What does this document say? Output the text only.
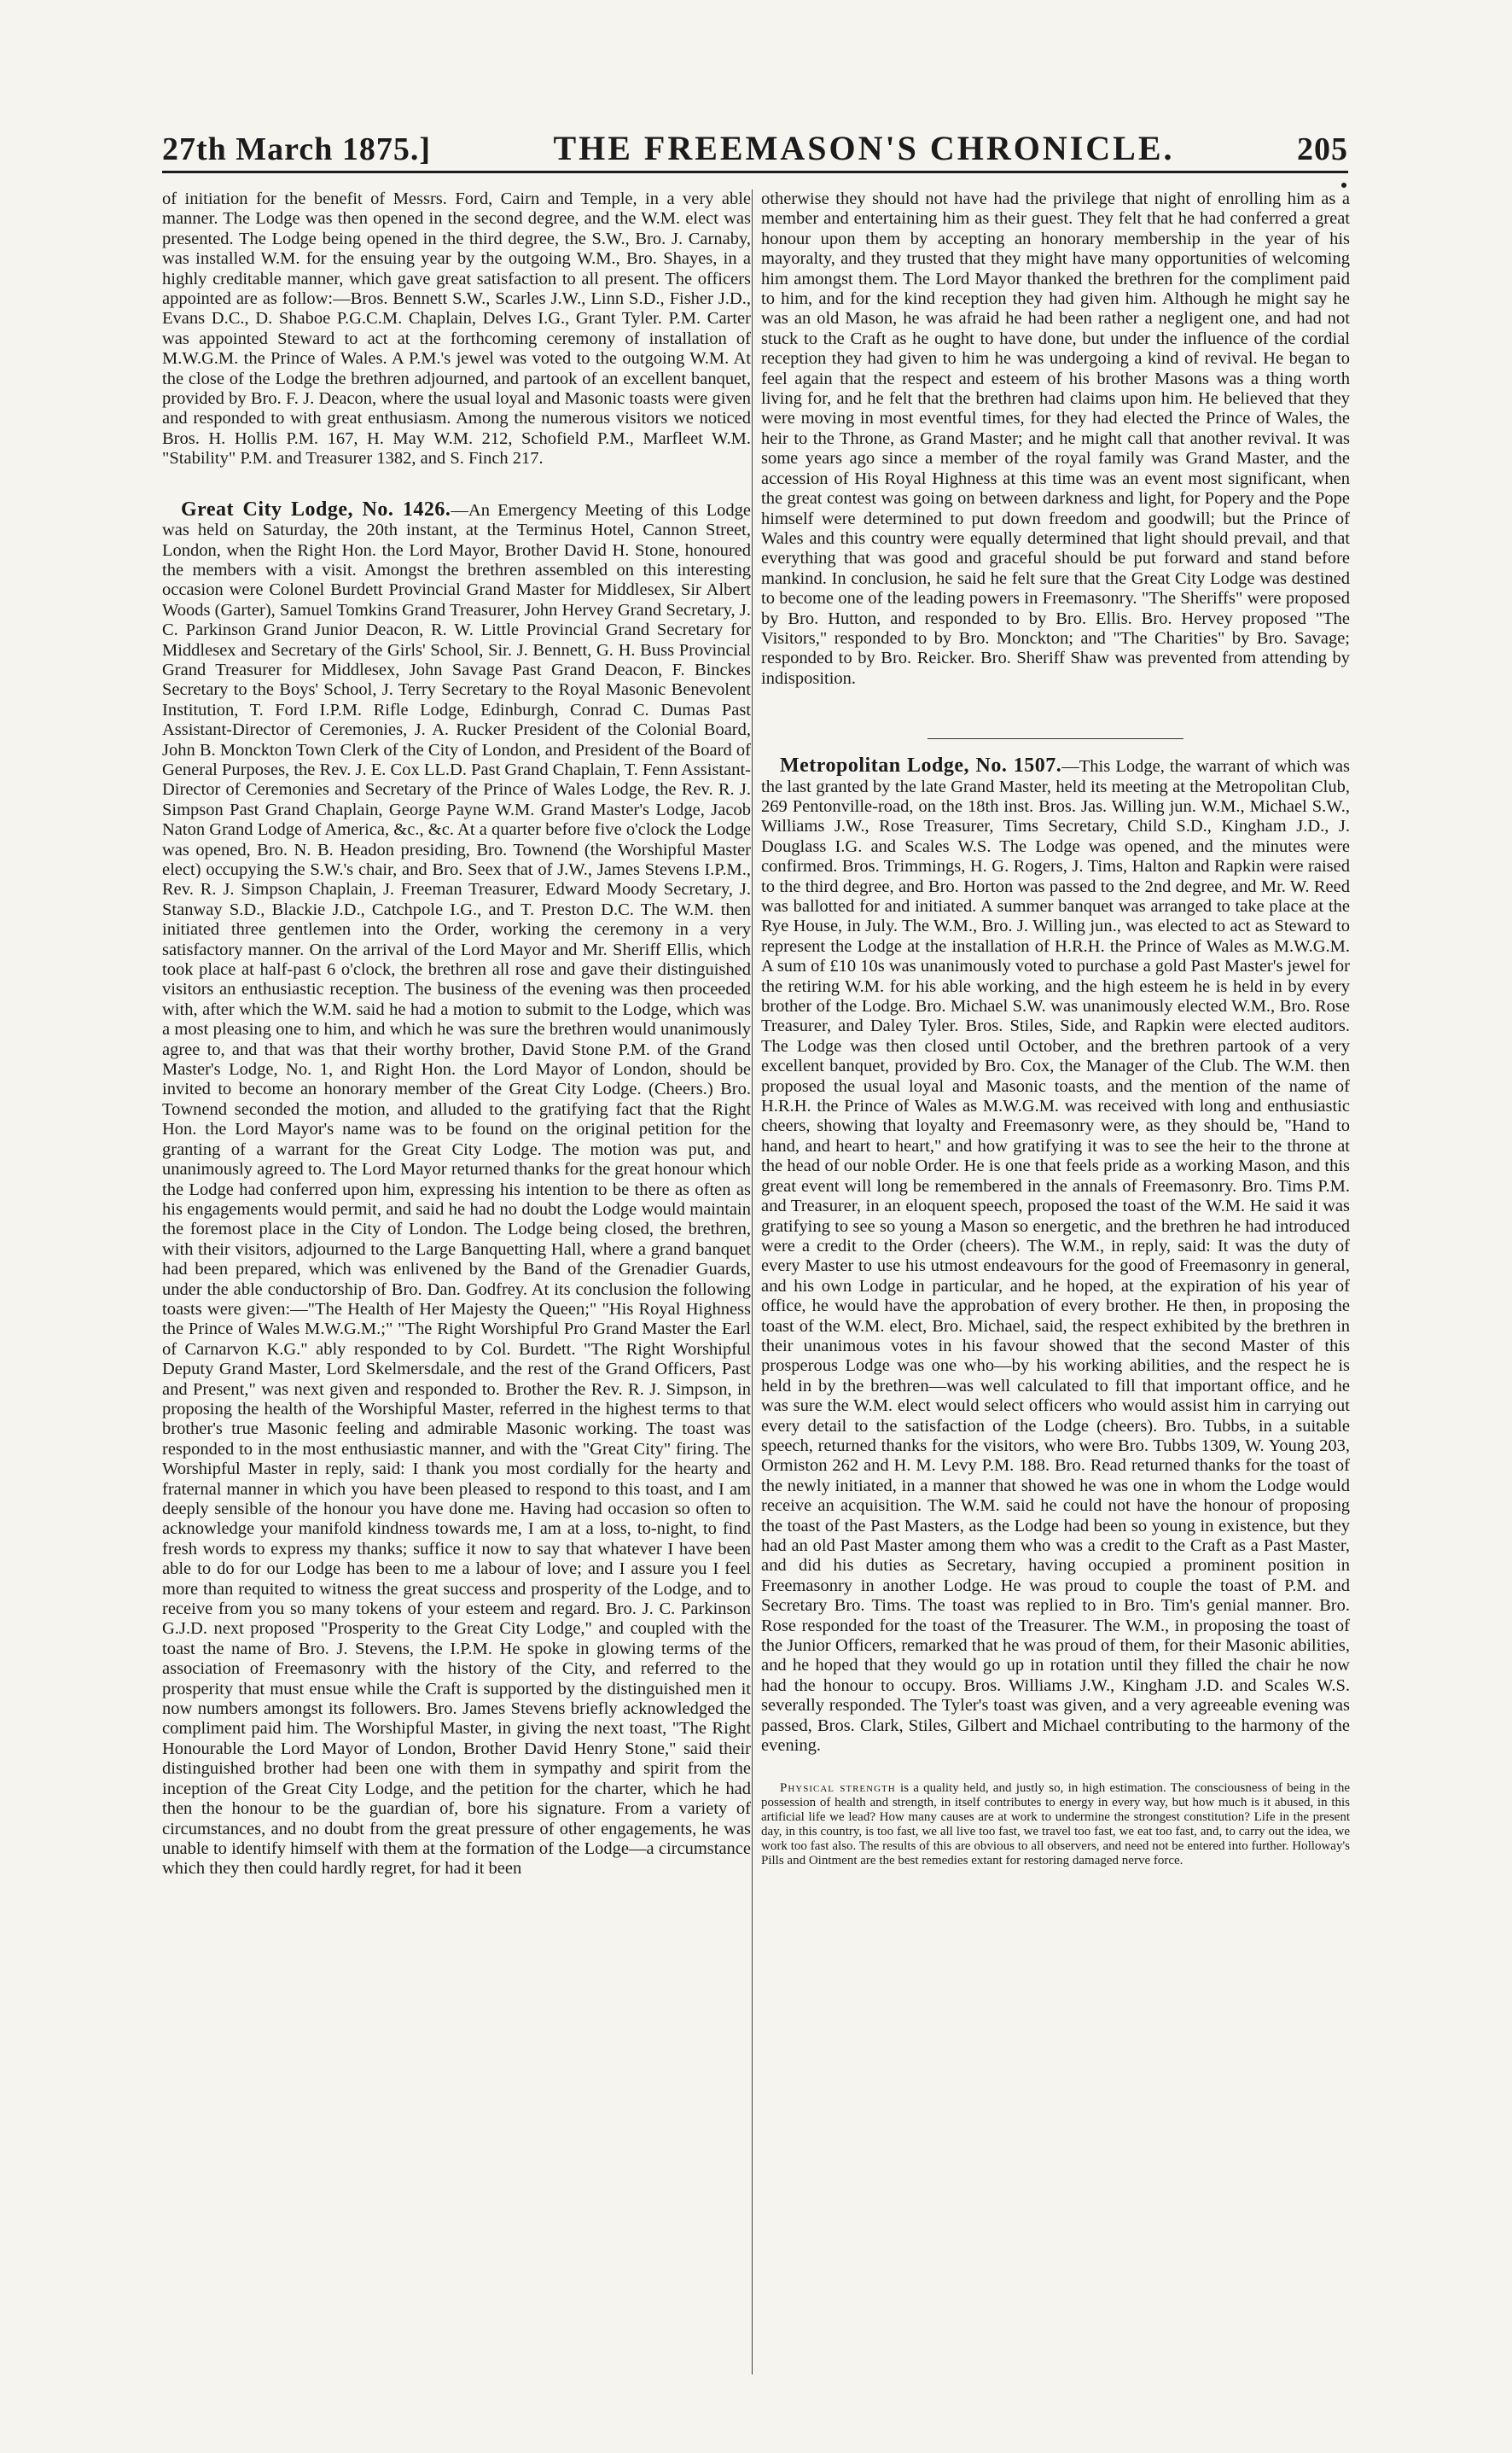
27th March 1875.]	THE FREEMASON'S CHRONICLE.	205

of initiation for the benefit of Messrs. Ford, Cairn and Temple, in a very able manner. The Lodge was then opened in the second degree, and the W.M. elect was presented. The Lodge being opened in the third degree, the S.W., Bro. J. Carnaby, was installed W.M. for the ensuing year by the outgoing W.M., Bro. Shayes, in a highly creditable manner, which gave great satisfaction to all present. The officers appointed are as follow:—Bros. Bennett S.W., Scarles J.W., Linn S.D., Fisher J.D., Evans D.C., D. Shaboe P.G.C.M. Chaplain, Delves I.G., Grant Tyler. P.M. Carter was appointed Steward to act at the forthcoming ceremony of installation of M.W.G.M. the Prince of Wales. A P.M.'s jewel was voted to the outgoing W.M. At the close of the Lodge the brethren adjourned, and partook of an excellent banquet, provided by Bro. F. J. Deacon, where the usual loyal and Masonic toasts were given and responded to with great enthusiasm. Among the numerous visitors we noticed Bros. H. Hollis P.M. 167, H. May W.M. 212, Schofield P.M., Marfleet W.M. "Stability" P.M. and Treasurer 1382, and S. Finch 217.

Great City Lodge, No. 1426.—An Emergency Meeting of this Lodge was held on Saturday, the 20th instant, at the Terminus Hotel, Cannon Street, London, when the Right Hon. the Lord Mayor, Brother David H. Stone, honoured the members with a visit. Amongst the brethren assembled on this interesting occasion were Colonel Burdett Provincial Grand Master for Middlesex, Sir Albert Woods (Garter), Samuel Tomkins Grand Treasurer, John Hervey Grand Secretary, J. C. Parkinson Grand Junior Deacon, R. W. Little Provincial Grand Secretary for Middlesex and Secretary of the Girls' School, Sir. J. Bennett, G. H. Buss Provincial Grand Treasurer for Middlesex, John Savage Past Grand Deacon, F. Binckes Secretary to the Boys' School, J. Terry Secretary to the Royal Masonic Benevolent Institution, T. Ford I.P.M. Rifle Lodge, Edinburgh, Conrad C. Dumas Past Assistant-Director of Ceremonies, J. A. Rucker President of the Colonial Board, John B. Monckton Town Clerk of the City of London, and President of the Board of General Purposes, the Rev. J. E. Cox LL.D. Past Grand Chaplain, T. Fenn Assistant-Director of Ceremonies and Secretary of the Prince of Wales Lodge, the Rev. R. J. Simpson Past Grand Chaplain, George Payne W.M. Grand Master's Lodge, Jacob Naton Grand Lodge of America, &c., &c. At a quarter before five o'clock the Lodge was opened, Bro. N. B. Headon presiding, Bro. Townend (the Worshipful Master elect) occupying the S.W.'s chair, and Bro. Seex that of J.W., James Stevens I.P.M., Rev. R. J. Simpson Chaplain, J. Freeman Treasurer, Edward Moody Secretary, J. Stanway S.D., Blackie J.D., Catchpole I.G., and T. Preston D.C. The W.M. then initiated three gentlemen into the Order, working the ceremony in a very satisfactory manner. On the arrival of the Lord Mayor and Mr. Sheriff Ellis, which took place at half-past 6 o'clock, the brethren all rose and gave their distinguished visitors an enthusiastic reception. The business of the evening was then proceeded with, after which the W.M. said he had a motion to submit to the Lodge, which was a most pleasing one to him, and which he was sure the brethren would unanimously agree to, and that was that their worthy brother, David Stone P.M. of the Grand Master's Lodge, No. 1, and Right Hon. the Lord Mayor of London, should be invited to become an honorary member of the Great City Lodge. (Cheers.) Bro. Townend seconded the motion, and alluded to the gratifying fact that the Right Hon. the Lord Mayor's name was to be found on the original petition for the granting of a warrant for the Great City Lodge. The motion was put, and unanimously agreed to. The Lord Mayor returned thanks for the great honour which the Lodge had conferred upon him, expressing his intention to be there as often as his engagements would permit, and said he had no doubt the Lodge would maintain the foremost place in the City of London. The Lodge being closed, the brethren, with their visitors, adjourned to the Large Banquetting Hall, where a grand banquet had been prepared, which was enlivened by the Band of the Grenadier Guards, under the able conductorship of Bro. Dan. Godfrey. At its conclusion the following toasts were given:—"The Health of Her Majesty the Queen;" "His Royal Highness the Prince of Wales M.W.G.M.;" "The Right Worshipful Pro Grand Master the Earl of Carnarvon K.G." ably responded to by Col. Burdett. "The Right Worshipful Deputy Grand Master, Lord Skelmersdale, and the rest of the Grand Officers, Past and Present," was next given and responded to. Brother the Rev. R. J. Simpson, in proposing the health of the Worshipful Master, referred in the highest terms to that brother's true Masonic feeling and admirable Masonic working. The toast was responded to in the most enthusiastic manner, and with the "Great City" firing. The Worshipful Master in reply, said: I thank you most cordially for the hearty and fraternal manner in which you have been pleased to respond to this toast, and I am deeply sensible of the honour you have done me. Having had occasion so often to acknowledge your manifold kindness towards me, I am at a loss, to-night, to find fresh words to express my thanks; suffice it now to say that whatever I have been able to do for our Lodge has been to me a labour of love; and I assure you I feel more than requited to witness the great success and prosperity of the Lodge, and to receive from you so many tokens of your esteem and regard. Bro. J. C. Parkinson G.J.D. next proposed "Prosperity to the Great City Lodge," and coupled with the toast the name of Bro. J. Stevens, the I.P.M. He spoke in glowing terms of the association of Freemasonry with the history of the City, and referred to the prosperity that must ensue while the Craft is supported by the distinguished men it now numbers amongst its followers. Bro. James Stevens briefly acknowledged the compliment paid him. The Worshipful Master, in giving the next toast, "The Right Honourable the Lord Mayor of London, Brother David Henry Stone," said their distinguished brother had been one with them in sympathy and spirit from the inception of the Great City Lodge, and the petition for the charter, which he had then the honour to be the guardian of, bore his signature. From a variety of circumstances, and no doubt from the great pressure of other engagements, he was unable to identify himself with them at the formation of the Lodge—a circumstance which they then could hardly regret, for had it been

otherwise they should not have had the privilege that night of enrolling him as a member and entertaining him as their guest. They felt that he had conferred a great honour upon them by accepting an honorary membership in the year of his mayoralty, and they trusted that they might have many opportunities of welcoming him amongst them. The Lord Mayor thanked the brethren for the compliment paid to him, and for the kind reception they had given him. Although he might say he was an old Mason, he was afraid he had been rather a negligent one, and had not stuck to the Craft as he ought to have done, but under the influence of the cordial reception they had given to him he was undergoing a kind of revival. He began to feel again that the respect and esteem of his brother Masons was a thing worth living for, and he felt that the brethren had claims upon him. He believed that they were moving in most eventful times, for they had elected the Prince of Wales, the heir to the Throne, as Grand Master; and he might call that another revival. It was some years ago since a member of the royal family was Grand Master, and the accession of His Royal Highness at this time was an event most significant, when the great contest was going on between darkness and light, for Popery and the Pope himself were determined to put down freedom and goodwill; but the Prince of Wales and this country were equally determined that light should prevail, and that everything that was good and graceful should be put forward and stand before mankind. In conclusion, he said he felt sure that the Great City Lodge was destined to become one of the leading powers in Freemasonry. "The Sheriffs" were proposed by Bro. Hutton, and responded to by Bro. Ellis. Bro. Hervey proposed "The Visitors," responded to by Bro. Monckton; and "The Charities" by Bro. Savage; responded to by Bro. Reicker. Bro. Sheriff Shaw was prevented from attending by indisposition.

Metropolitan Lodge, No. 1507.—This Lodge, the warrant of which was the last granted by the late Grand Master, held its meeting at the Metropolitan Club, 269 Pentonville-road, on the 18th inst. Bros. Jas. Willing jun. W.M., Michael S.W., Williams J.W., Rose Treasurer, Tims Secretary, Child S.D., Kingham J.D., J. Douglass I.G. and Scales W.S. The Lodge was opened, and the minutes were confirmed. Bros. Trimmings, H. G. Rogers, J. Tims, Halton and Rapkin were raised to the third degree, and Bro. Horton was passed to the 2nd degree, and Mr. W. Reed was ballotted for and initiated. A summer banquet was arranged to take place at the Rye House, in July. The W.M., Bro. J. Willing jun., was elected to act as Steward to represent the Lodge at the installation of H.R.H. the Prince of Wales as M.W.G.M. A sum of £10 10s was unanimously voted to purchase a gold Past Master's jewel for the retiring W.M. for his able working, and the high esteem he is held in by every brother of the Lodge. Bro. Michael S.W. was unanimously elected W.M., Bro. Rose Treasurer, and Daley Tyler. Bros. Stiles, Side, and Rapkin were elected auditors. The Lodge was then closed until October, and the brethren partook of a very excellent banquet, provided by Bro. Cox, the Manager of the Club. The W.M. then proposed the usual loyal and Masonic toasts, and the mention of the name of H.R.H. the Prince of Wales as M.W.G.M. was received with long and enthusiastic cheers, showing that loyalty and Freemasonry were, as they should be, "Hand to hand, and heart to heart," and how gratifying it was to see the heir to the throne at the head of our noble Order. He is one that feels pride as a working Mason, and this great event will long be remembered in the annals of Freemasonry. Bro. Tims P.M. and Treasurer, in an eloquent speech, proposed the toast of the W.M. He said it was gratifying to see so young a Mason so energetic, and the brethren he had introduced were a credit to the Order (cheers). The W.M., in reply, said: It was the duty of every Master to use his utmost endeavours for the good of Freemasonry in general, and his own Lodge in particular, and he hoped, at the expiration of his year of office, he would have the approbation of every brother. He then, in proposing the toast of the W.M. elect, Bro. Michael, said, the respect exhibited by the brethren in their unanimous votes in his favour showed that the second Master of this prosperous Lodge was one who—by his working abilities, and the respect he is held in by the brethren—was well calculated to fill that important office, and he was sure the W.M. elect would select officers who would assist him in carrying out every detail to the satisfaction of the Lodge (cheers). Bro. Tubbs, in a suitable speech, returned thanks for the visitors, who were Bro. Tubbs 1309, W. Young 203, Ormiston 262 and H. M. Levy P.M. 188. Bro. Read returned thanks for the toast of the newly initiated, in a manner that showed he was one in whom the Lodge would receive an acquisition. The W.M. said he could not have the honour of proposing the toast of the Past Masters, as the Lodge had been so young in existence, but they had an old Past Master among them who was a credit to the Craft as a Past Master, and did his duties as Secretary, having occupied a prominent position in Freemasonry in another Lodge. He was proud to couple the toast of P.M. and Secretary Bro. Tims. The toast was replied to in Bro. Tim's genial manner. Bro. Rose responded for the toast of the Treasurer. The W.M., in proposing the toast of the Junior Officers, remarked that he was proud of them, for their Masonic abilities, and he hoped that they would go up in rotation until they filled the chair he now had the honour to occupy. Bros. Williams J.W., Kingham J.D. and Scales W.S. severally responded. The Tyler's toast was given, and a very agreeable evening was passed, Bros. Clark, Stiles, Gilbert and Michael contributing to the harmony of the evening.

Physical strength is a quality held, and justly so, in high estimation. The consciousness of being in the possession of health and strength, in itself contributes to energy in every way, but how much is it abused, in this artificial life we lead? How many causes are at work to undermine the strongest constitution? Life in the present day, in this country, is too fast, we all live too fast, we travel too fast, we eat too fast, and, to carry out the idea, we work too fast also. The results of this are obvious to all observers, and need not be entered into further. Holloway's Pills and Ointment are the best remedies extant for restoring damaged nerve force.
